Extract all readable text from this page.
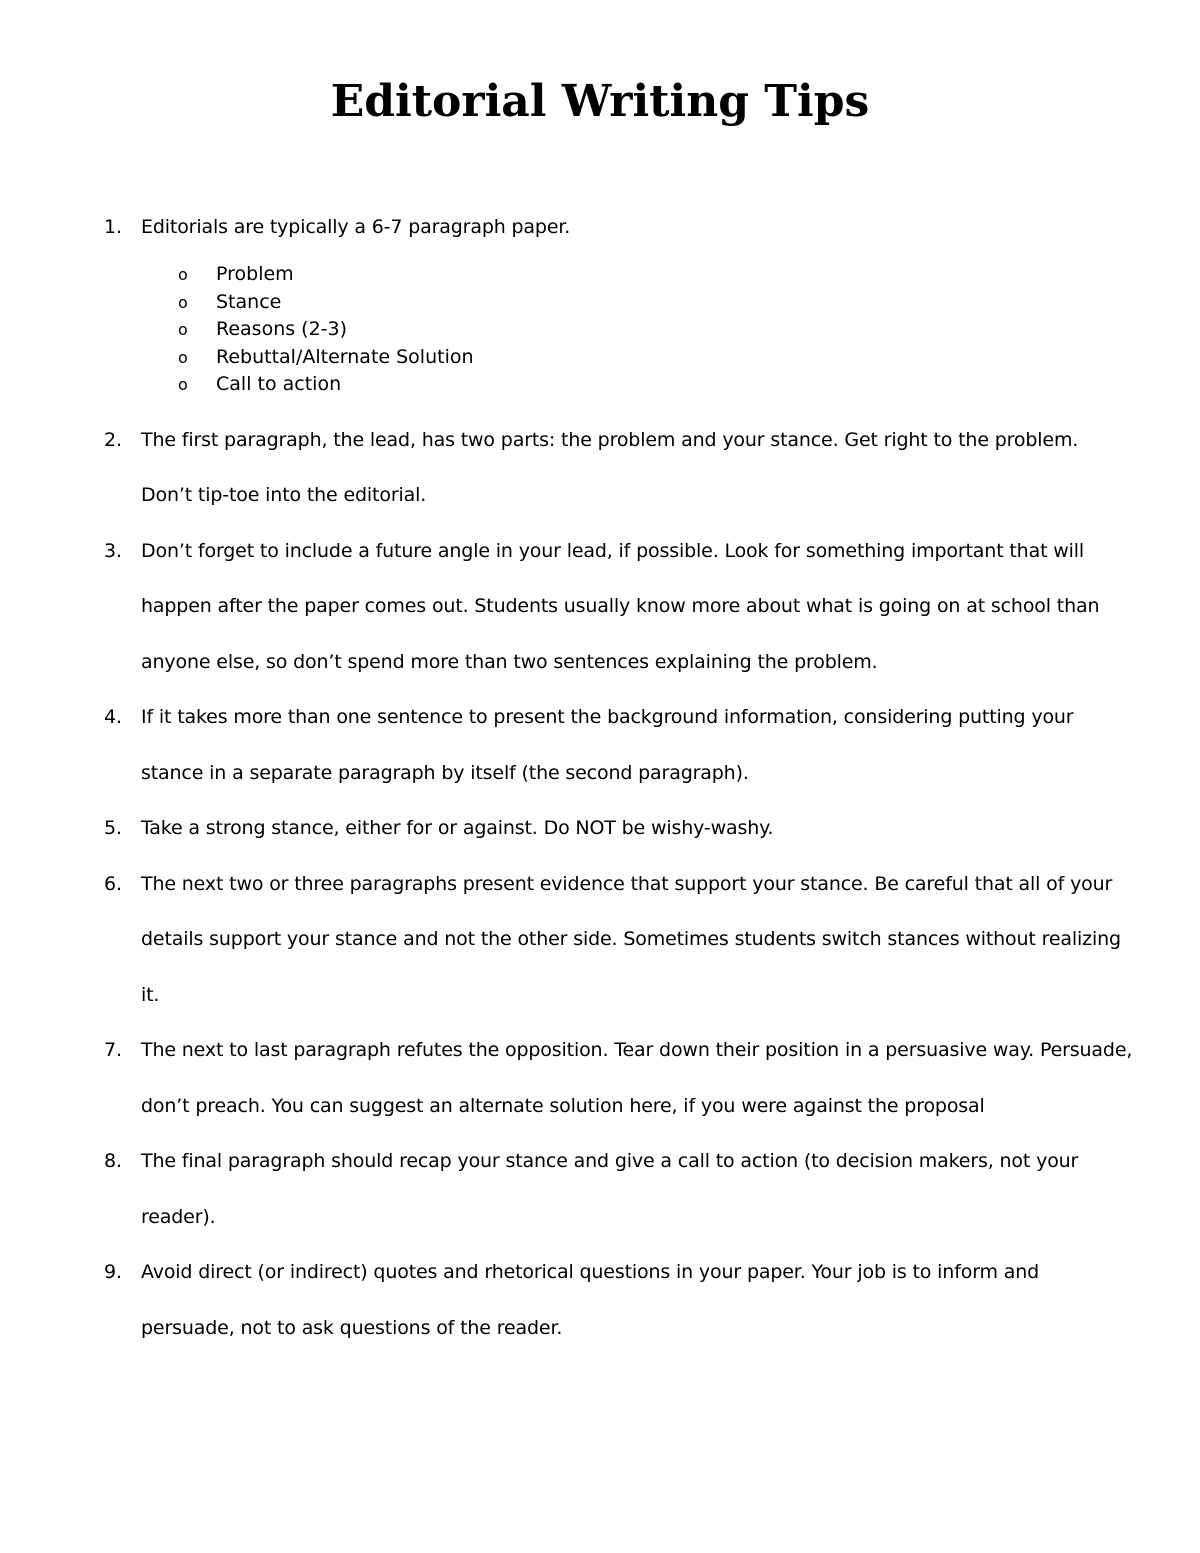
Editorial Writing Tips
1.	Editorials are typically a 6-7 paragraph paper.
o	Problem
o	Stance
o	Reasons (2-3)
o	Rebuttal/Alternate Solution
o	Call to action
2.	The first paragraph, the lead, has two parts: the problem and your stance. Get right to the problem. Don’t tip-toe into the editorial.
3.	Don’t forget to include a future angle in your lead, if possible. Look for something important that will happen after the paper comes out. Students usually know more about what is going on at school than anyone else, so don’t spend more than two sentences explaining the problem.
4.	If it takes more than one sentence to present the background information, considering putting your stance in a separate paragraph by itself (the second paragraph).
5.	Take a strong stance, either for or against. Do NOT be wishy-washy.
6.	The next two or three paragraphs present evidence that support your stance. Be careful that all of your details support your stance and not the other side. Sometimes students switch stances without realizing it.
7.	The next to last paragraph refutes the opposition. Tear down their position in a persuasive way. Persuade, don’t preach. You can suggest an alternate solution here, if you were against the proposal
8.	The final paragraph should recap your stance and give a call to action (to decision makers, not your reader).
9.	Avoid direct (or indirect) quotes and rhetorical questions in your paper. Your job is to inform and persuade, not to ask questions of the reader.
